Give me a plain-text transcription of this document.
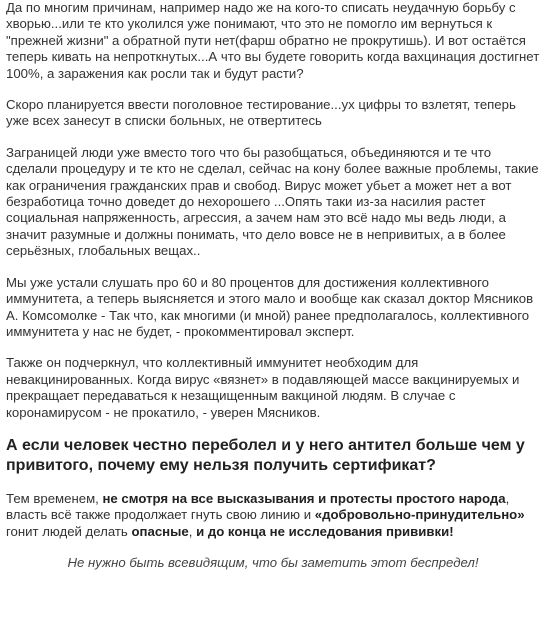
Да по многим причинам, например надо же на кого-то списать неудачную борьбу с хворью...или те кто уколился уже понимают, что это не помогло им вернуться к "прежней жизни" а обратной пути нет(фарш обратно не прокрутишь). И вот остаётся теперь кивать на непроткнутых...А что вы будете говорить когда вахцинация достигнет 100%, а заражения как росли так и будут расти?

Скоро планируется ввести поголовное тестирование...ух цифры то взлетят, теперь уже всех занесут в списки больных, не отвертитесь

Заграницей люди уже вместо того что бы разобщаться, объединяются и те что сделали процедуру и те кто не сделал, сейчас на кону более важные проблемы, такие как ограничения гражданских прав и свобод. Вирус может убьет а может нет а вот безработица точно доведет до нехорошего ...Опять таки из-за насилия растет социальная напряженность, агрессия, а зачем нам это всё надо мы ведь люди, а значит разумные и должны понимать, что дело вовсе не в непривитых, а в более серьёзных, глобальных вещах..

Мы уже устали слушать про 60 и 80 процентов для достижения коллективного иммунитета, а теперь выясняется и этого мало и вообще как сказал доктор Мясников А. Комсомолке - Так что, как многими (и мной) ранее предполагалось, коллективного иммунитета у нас не будет, - прокомментировал эксперт.

Также он подчеркнул, что коллективный иммунитет необходим для невакцинированных. Когда вирус «вязнет» в подавляющей массе вакцинируемых и прекращает передаваться к незащищенным вакциной людям. В случае с коронамирусом - не прокатило, - уверен Мясников.

А если человек честно переболел и у него антител больше чем у привитого, почему ему нельзя получить сертификат?

Тем временем, не смотря на все высказывания и протесты простого народа, власть всё также продолжает гнуть свою линию и «добровольно-принудительно» гонит людей делать опасные, и до конца не исследования прививки!

Не нужно быть всевидящим, что бы заметить этот беспредел!
